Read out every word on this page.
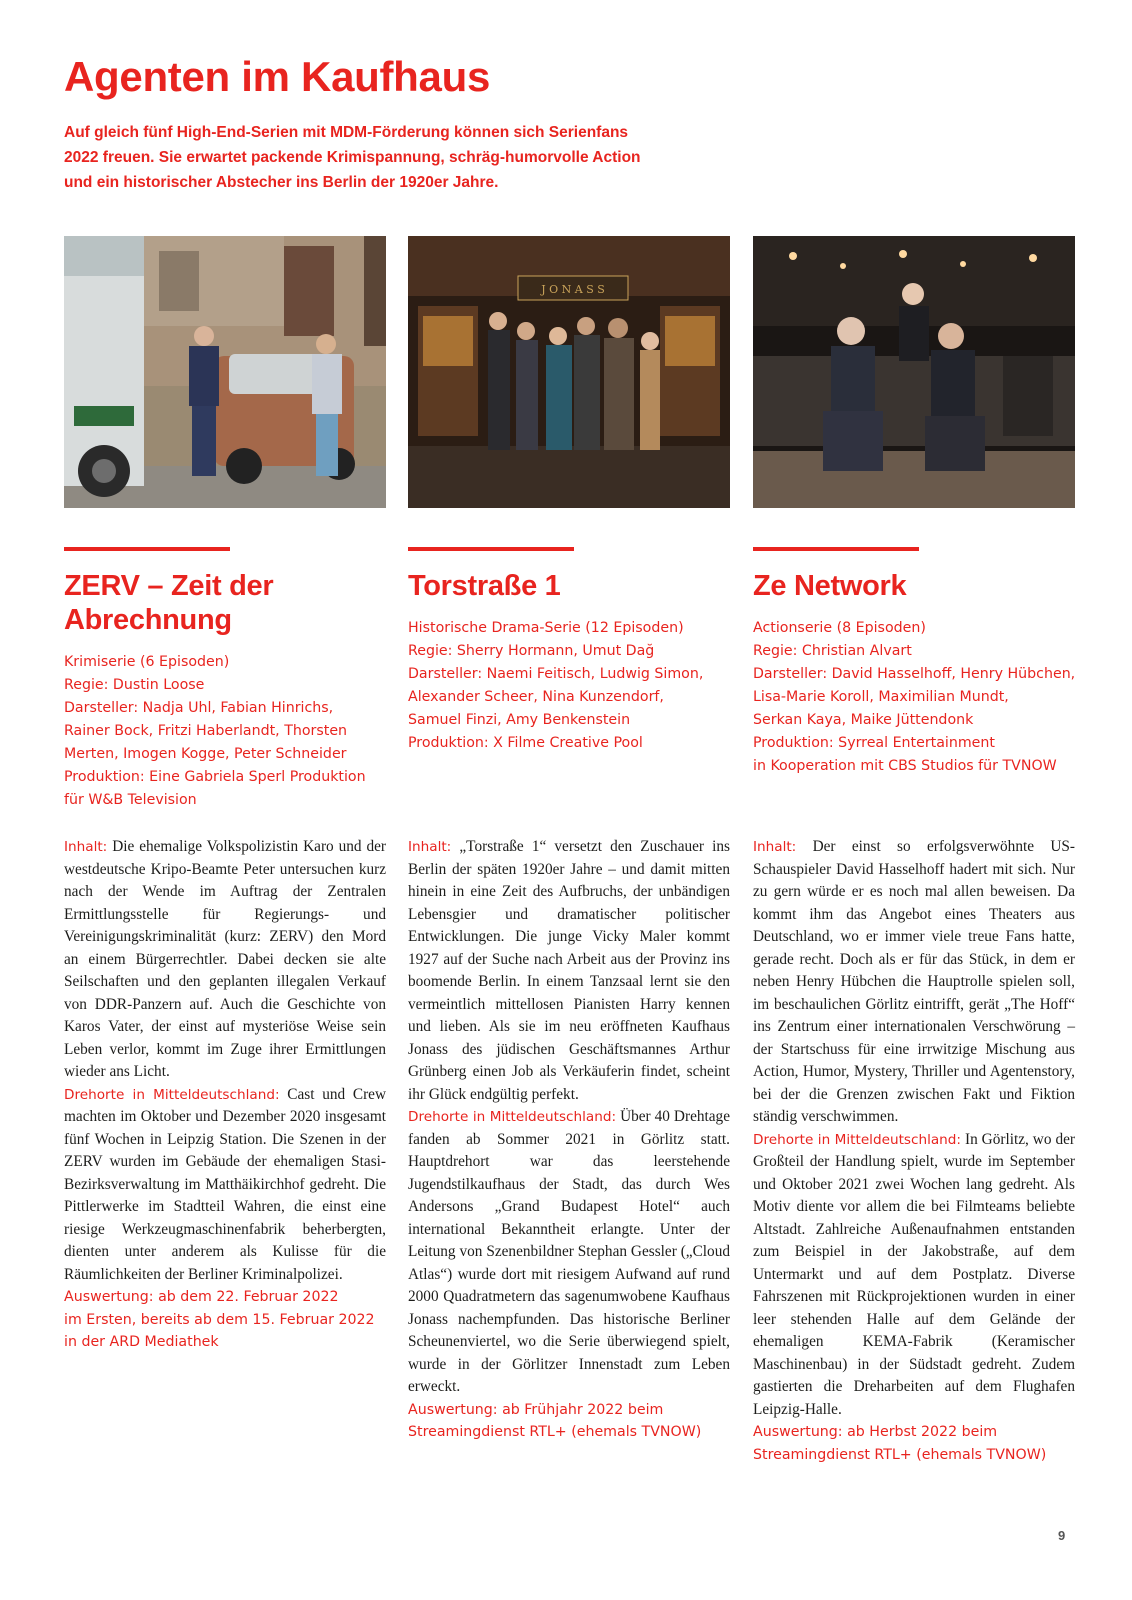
Agenten im Kaufhaus

Auf gleich fünf High-End-Serien mit MDM-Förderung können sich Serienfans 2022 freuen. Sie erwartet packende Krimispannung, schräg-humorvolle Action und ein historischer Abstecher ins Berlin der 1920er Jahre.

ZERV – Zeit der Abrechnung
Krimiserie (6 Episoden)
Regie: Dustin Loose
Darsteller: Nadja Uhl, Fabian Hinrichs,
Rainer Bock, Fritzi Haberlandt, Thorsten
Merten, Imogen Kogge, Peter Schneider
Produktion: Eine Gabriela Sperl Produktion
für W&B Television
J O N A S S
Torstraße 1
Historische Drama-Serie (12 Episoden)
Regie: Sherry Hormann, Umut Dağ
Darsteller: Naemi Feitisch, Ludwig Simon,
Alexander Scheer, Nina Kunzendorf,
Samuel Finzi, Amy Benkenstein
Produktion: X Filme Creative Pool
Ze Network
Actionserie (8 Episoden)
Regie: Christian Alvart
Darsteller: David Hasselhoff, Henry Hübchen,
Lisa-Marie Koroll, Maximilian Mundt,
Serkan Kaya, Maike Jüttendonk
Produktion: Syrreal Entertainment
in Kooperation mit CBS Studios für TVNOW

Inhalt: Die ehemalige Volkspolizistin Karo und der westdeutsche Kripo-Beamte Peter untersuchen kurz nach der Wende im Auftrag der Zentralen Ermittlungsstelle für Regierungs- und Vereinigungskriminalität (kurz: ZERV) den Mord an einem Bürgerrechtler. Dabei decken sie alte Seilschaften und den geplanten illegalen Verkauf von DDR-Panzern auf. Auch die Geschichte von Karos Vater, der einst auf mysteriöse Weise sein Leben verlor, kommt im Zuge ihrer Ermittlungen wieder ans Licht.

Drehorte in Mitteldeutschland: Cast und Crew machten im Oktober und Dezember 2020 insgesamt fünf Wochen in Leipzig Station. Die Szenen in der ZERV wurden im Gebäude der ehemaligen Stasi-Bezirksverwaltung im Matthäikirchhof gedreht. Die Pittlerwerke im Stadtteil Wahren, die einst eine riesige Werkzeugmaschinenfabrik beherbergten, dienten unter anderem als Kulisse für die Räumlichkeiten der Berliner Kriminalpolizei.

Auswertung: ab dem 22. Februar 2022
im Ersten, bereits ab dem 15. Februar 2022
in der ARD Mediathek

Inhalt: „Torstraße 1“ versetzt den Zuschauer ins Berlin der späten 1920er Jahre – und damit mitten hinein in eine Zeit des Aufbruchs, der unbändigen Lebensgier und dramatischer politischer Entwicklungen. Die junge Vicky Maler kommt 1927 auf der Suche nach Arbeit aus der Provinz ins boomende Berlin. In einem Tanzsaal lernt sie den vermeintlich mittellosen Pianisten Harry kennen und lieben. Als sie im neu eröffneten Kaufhaus Jonass des jüdischen Geschäftsmannes Arthur Grünberg einen Job als Verkäuferin findet, scheint ihr Glück endgültig perfekt.

Drehorte in Mitteldeutschland: Über 40 Drehtage fanden ab Sommer 2021 in Görlitz statt. Hauptdrehort war das leerstehende Jugendstilkaufhaus der Stadt, das durch Wes Andersons „Grand Budapest Hotel“ auch international Bekanntheit erlangte. Unter der Leitung von Szenenbildner Stephan Gessler („Cloud Atlas“) wurde dort mit riesigem Aufwand auf rund 2000 Quadratmetern das sagenumwobene Kaufhaus Jonass nachempfunden. Das historische Berliner Scheunenviertel, wo die Serie überwiegend spielt, wurde in der Görlitzer Innenstadt zum Leben erweckt.

Auswertung: ab Frühjahr 2022 beim
Streamingdienst RTL+ (ehemals TVNOW)

Inhalt: Der einst so erfolgsverwöhnte US-Schauspieler David Hasselhoff hadert mit sich. Nur zu gern würde er es noch mal allen beweisen. Da kommt ihm das Angebot eines Theaters aus Deutschland, wo er immer viele treue Fans hatte, gerade recht. Doch als er für das Stück, in dem er neben Henry Hübchen die Hauptrolle spielen soll, im beschaulichen Görlitz eintrifft, gerät „The Hoff“ ins Zentrum einer internationalen Verschwörung – der Startschuss für eine irrwitzige Mischung aus Action, Humor, Mystery, Thriller und Agentenstory, bei der die Grenzen zwischen Fakt und Fiktion ständig verschwimmen.

Drehorte in Mitteldeutschland: In Görlitz, wo der Großteil der Handlung spielt, wurde im September und Oktober 2021 zwei Wochen lang gedreht. Als Motiv diente vor allem die bei Filmteams beliebte Altstadt. Zahlreiche Außenaufnahmen entstanden zum Beispiel in der Jakobstraße, auf dem Untermarkt und auf dem Postplatz. Diverse Fahrszenen mit Rückprojektionen wurden in einer leer stehenden Halle auf dem Gelände der ehemaligen KEMA-Fabrik (Keramischer Maschinenbau) in der Südstadt gedreht. Zudem gastierten die Dreharbeiten auf dem Flughafen Leipzig-Halle.

Auswertung: ab Herbst 2022 beim
Streamingdienst RTL+ (ehemals TVNOW)
9
